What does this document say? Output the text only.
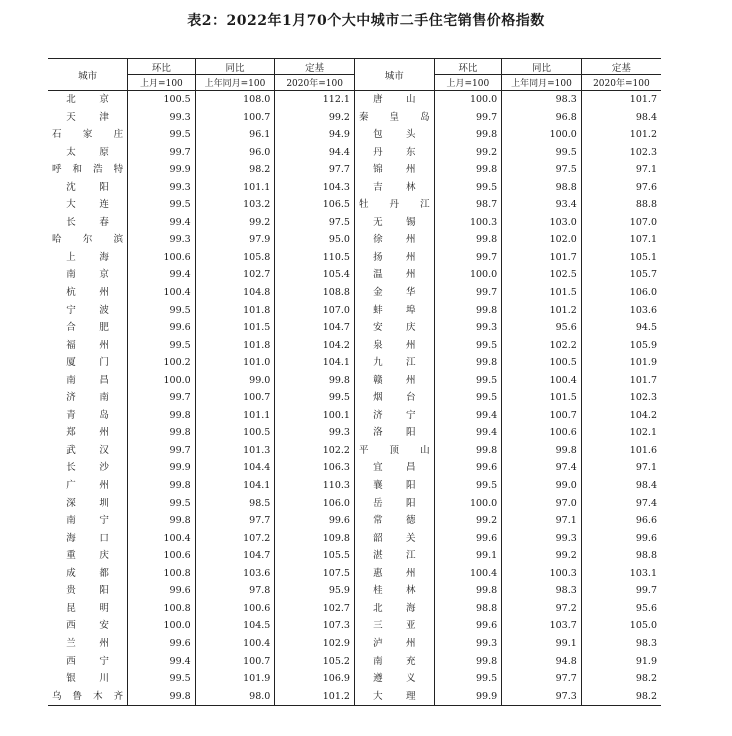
表2：2022年1月70个大中城市二手住宅销售价格指数
城市	环比	同比	定基	城市	环比	同比	定基
	上月=100	上年同月=100	2020年=100		上月=100	上年同月=100	2020年=100
北京	100.5	108.0	112.1	唐山	100.0	98.3	101.7
天津	99.3	100.7	99.2	秦皇岛	99.7	96.8	98.4
石家庄	99.5	96.1	94.9	包头	99.8	100.0	101.2
太原	99.7	96.0	94.4	丹东	99.2	99.5	102.3
呼和浩特	99.9	98.2	97.7	锦州	99.8	97.5	97.1
沈阳	99.3	101.1	104.3	吉林	99.5	98.8	97.6
大连	99.5	103.2	106.5	牡丹江	98.7	93.4	88.8
长春	99.4	99.2	97.5	无锡	100.3	103.0	107.0
哈尔滨	99.3	97.9	95.0	徐州	99.8	102.0	107.1
上海	100.6	105.8	110.5	扬州	99.7	101.7	105.1
南京	99.4	102.7	105.4	温州	100.0	102.5	105.7
杭州	100.4	104.8	108.8	金华	99.7	101.5	106.0
宁波	99.5	101.8	107.0	蚌埠	99.8	101.2	103.6
合肥	99.6	101.5	104.7	安庆	99.3	95.6	94.5
福州	99.5	101.8	104.2	泉州	99.5	102.2	105.9
厦门	100.2	101.0	104.1	九江	99.8	100.5	101.9
南昌	100.0	99.0	99.8	赣州	99.5	100.4	101.7
济南	99.7	100.7	99.5	烟台	99.5	101.5	102.3
青岛	99.8	101.1	100.1	济宁	99.4	100.7	104.2
郑州	99.8	100.5	99.3	洛阳	99.4	100.6	102.1
武汉	99.7	101.3	102.2	平顶山	99.8	99.8	101.6
长沙	99.9	104.4	106.3	宜昌	99.6	97.4	97.1
广州	99.8	104.1	110.3	襄阳	99.5	99.0	98.4
深圳	99.5	98.5	106.0	岳阳	100.0	97.0	97.4
南宁	99.8	97.7	99.6	常德	99.2	97.1	96.6
海口	100.4	107.2	109.8	韶关	99.6	99.3	99.6
重庆	100.6	104.7	105.5	湛江	99.1	99.2	98.8
成都	100.8	103.6	107.5	惠州	100.4	100.3	103.1
贵阳	99.6	97.8	95.9	桂林	99.8	98.3	99.7
昆明	100.8	100.6	102.7	北海	98.8	97.2	95.6
西安	100.0	104.5	107.3	三亚	99.6	103.7	105.0
兰州	99.6	100.4	102.9	泸州	99.3	99.1	98.3
西宁	99.4	100.7	105.2	南充	99.8	94.8	91.9
银川	99.5	101.9	106.9	遵义	99.5	97.7	98.2
乌鲁木齐	99.8	98.0	101.2	大理	99.9	97.3	98.2
